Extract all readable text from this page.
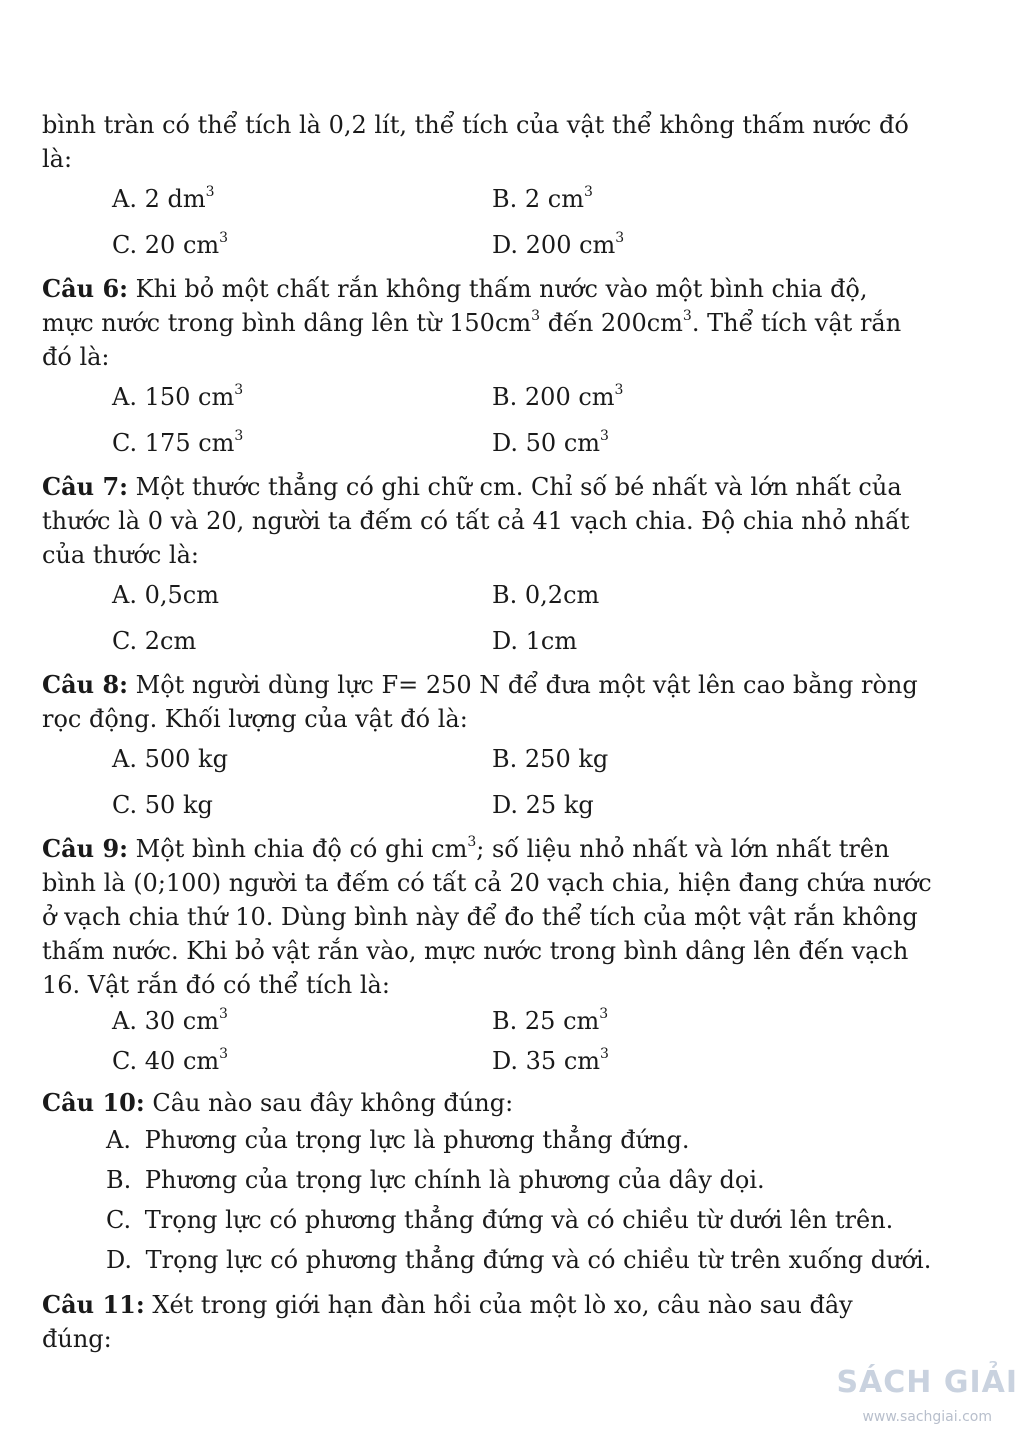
bình tràn có thể tích là 0,2 lít, thể tích của vật thể không thấm nước đó
là:
A. 2 $dm^3$	B. 2 $cm^3$
C. 20 $cm^3$	D. 200 $cm^3$
Câu 6: Khi bỏ một chất rắn không thấm nước vào một bình chia độ,
mực nước trong bình dâng lên từ $150cm^3$ đến $200cm^3$. Thể tích vật rắn
đó là:
A. 150 $cm^3$	B. 200 $cm^3$
C. 175 $cm^3$	D. 50 $cm^3$
Câu 7: Một thước thẳng có ghi chữ cm. Chỉ số bé nhất và lớn nhất của
thước là 0 và 20, người ta đếm có tất cả 41 vạch chia. Độ chia nhỏ nhất
của thước là:
A. 0,5cm	B. 0,2cm
C. 2cm	D. 1cm
Câu 8: Một người dùng lực F= 250 N để đưa một vật lên cao bằng ròng
rọc động. Khối lượng của vật đó là:
A. 500 kg	B. 250 kg
C. 50 kg	D. 25 kg
Câu 9: Một bình chia độ có ghi $cm^3$; số liệu nhỏ nhất và lớn nhất trên
bình là (0;100) người ta đếm có tất cả 20 vạch chia, hiện đang chứa nước
ở vạch chia thứ 10. Dùng bình này để đo thể tích của một vật rắn không
thấm nước. Khi bỏ vật rắn vào, mực nước trong bình dâng lên đến vạch
16. Vật rắn đó có thể tích là:
A. 30 $cm^3$	B. 25 $cm^3$
C. 40 $cm^3$	D. 35 $cm^3$
Câu 10: Câu nào sau đây không đúng:
A. Phương của trọng lực là phương thẳng đứng.
B. Phương của trọng lực chính là phương của dây dọi.
C. Trọng lực có phương thẳng đứng và có chiều từ dưới lên trên.
D. Trọng lực có phương thẳng đứng và có chiều từ trên xuống dưới.
Câu 11: Xét trong giới hạn đàn hồi của một lò xo, câu nào sau đây
đúng:
SÁCH GIẢI
www.sachgiai.com
